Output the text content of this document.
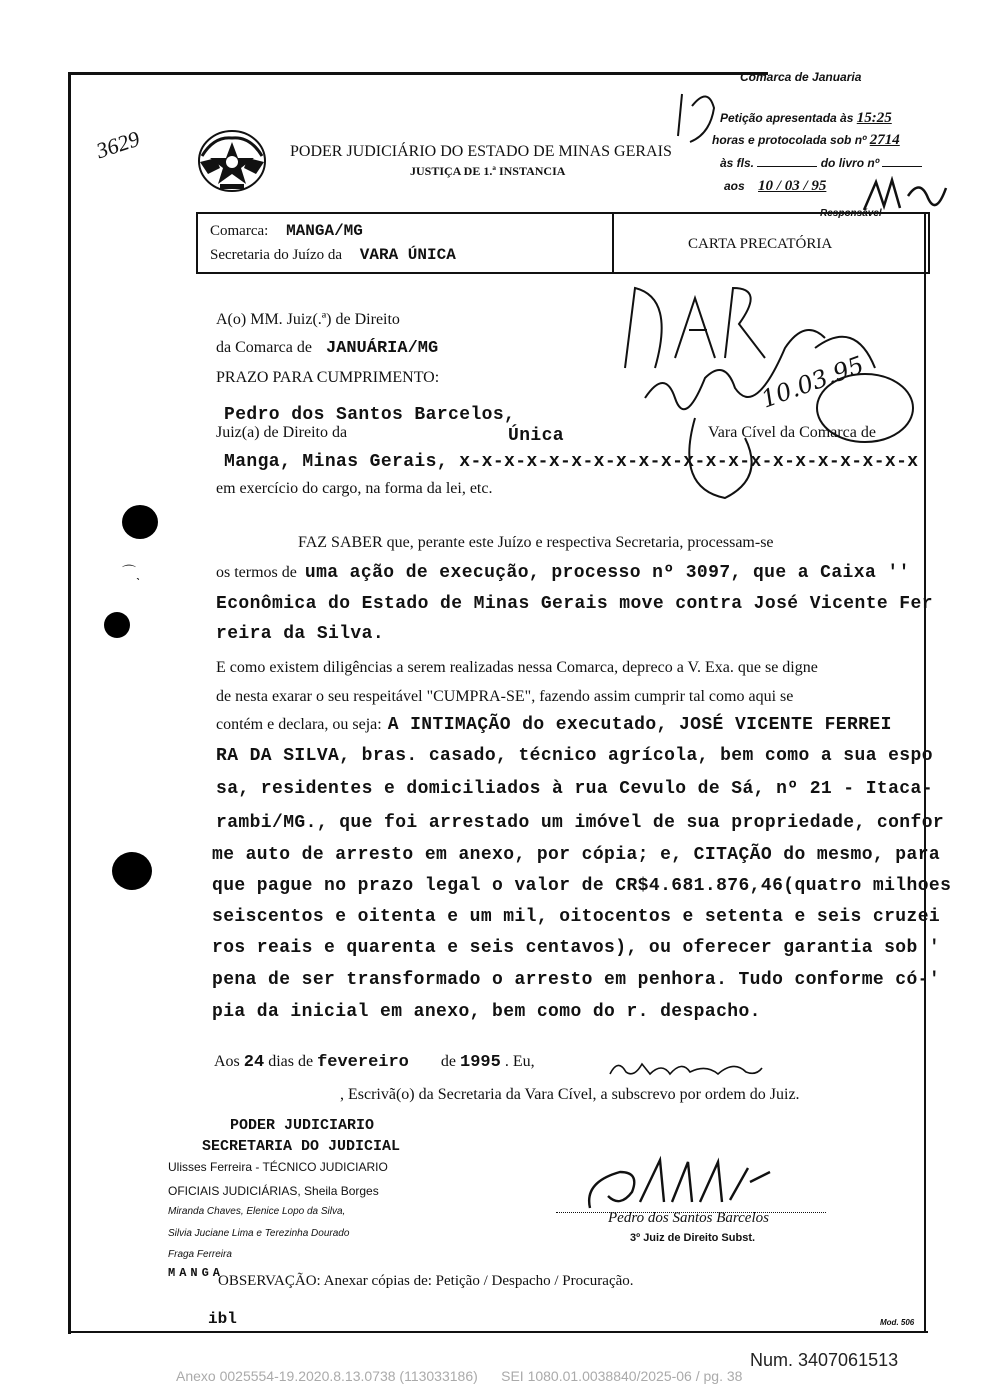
3629	PODER JUDICIÁRIO DO ESTADO DE MINAS GERAIS
JUSTIÇA DE 1.ª INSTANCIA
Comarca de Januaria
Petição apresentada às 15:25
horas e protocolada sob nº 2714
às fls.	do livro nº
aos 10 / 03 / 95
Responsável
Comarca: MANGA/MG
Secretaria do Juízo da VARA ÚNICA
CARTA PRECATÓRIA
A(o) MM. Juiz(.ª) de Direito
da Comarca de JANUÁRIA/MG
PRAZO PARA CUMPRIMENTO:
Pedro dos Santos Barcelos,
Juiz(a) de Direito da	Única	Vara Cível da Comarca de
Manga, Minas Gerais, x-x-x-x-x-x-x-x-x-x-x-x-x-x-x-x-x-x-x-x-x
em exercício do cargo, na forma da lei, etc.
10.03.95
FAZ SABER que, perante este Juízo e respectiva Secretaria, processam-se
os termos de uma ação de execução, processo nº 3097, que a Caixa ''
Econômica do Estado de Minas Gerais move contra José Vicente Fer
reira da Silva.
E como existem diligências a serem realizadas nessa Comarca, depreco a V. Exa. que se digne
de nesta exarar o seu respeitável "CUMPRA-SE", fazendo assim cumprir tal como aqui se
contém e declara, ou seja: A INTIMAÇÃO do executado, JOSÉ VICENTE FERREI
RA DA SILVA, bras. casado, técnico agrícola, bem como a sua espo
sa, residentes e domiciliados à rua Cevulo de Sá, nº 21 - Itaca-
rambi/MG., que foi arrestado um imóvel de sua propriedade, confor
me auto de arresto em anexo, por cópia; e, CITAÇÃO do mesmo, para
que pague no prazo legal o valor de CR$4.681.876,46(quatro milhoes
seiscentos e oitenta e um mil, oitocentos e setenta e seis cruzei
ros reais e quarenta e seis centavos), ou oferecer garantia sob '
pena de ser transformado o arresto em penhora. Tudo conforme có-'
pia da inicial em anexo, bem como do r. despacho.
Aos 24 dias de fevereiro de 1995 . Eu,
, Escrivã(o) da Secretaria da Vara Cível, a subscrevo por ordem do Juiz.
PODER JUDICIARIO
SECRETARIA DO JUDICIAL
Ulisses Ferreira - TÉCNICO JUDICIARIO
OFICIAIS JUDICIÁRIAS, Sheila Borges
Miranda Chaves, Elenice Lopo da Silva,
Silvia Juciane Lima e Terezinha Dourado
Fraga Ferreira
MANGA
Pedro dos Santos Barcelos
3º Juiz de Direito Subst.
OBSERVAÇÃO: Anexar cópias de: Petição / Despacho / Procuração.
ibl	Mod. 506
Num. 3407061513
Anexo 0025554-19.2020.8.13.0738 (113033186)      SEI 1080.01.0038840/2025-06 / pg. 38
⌒ˎ
